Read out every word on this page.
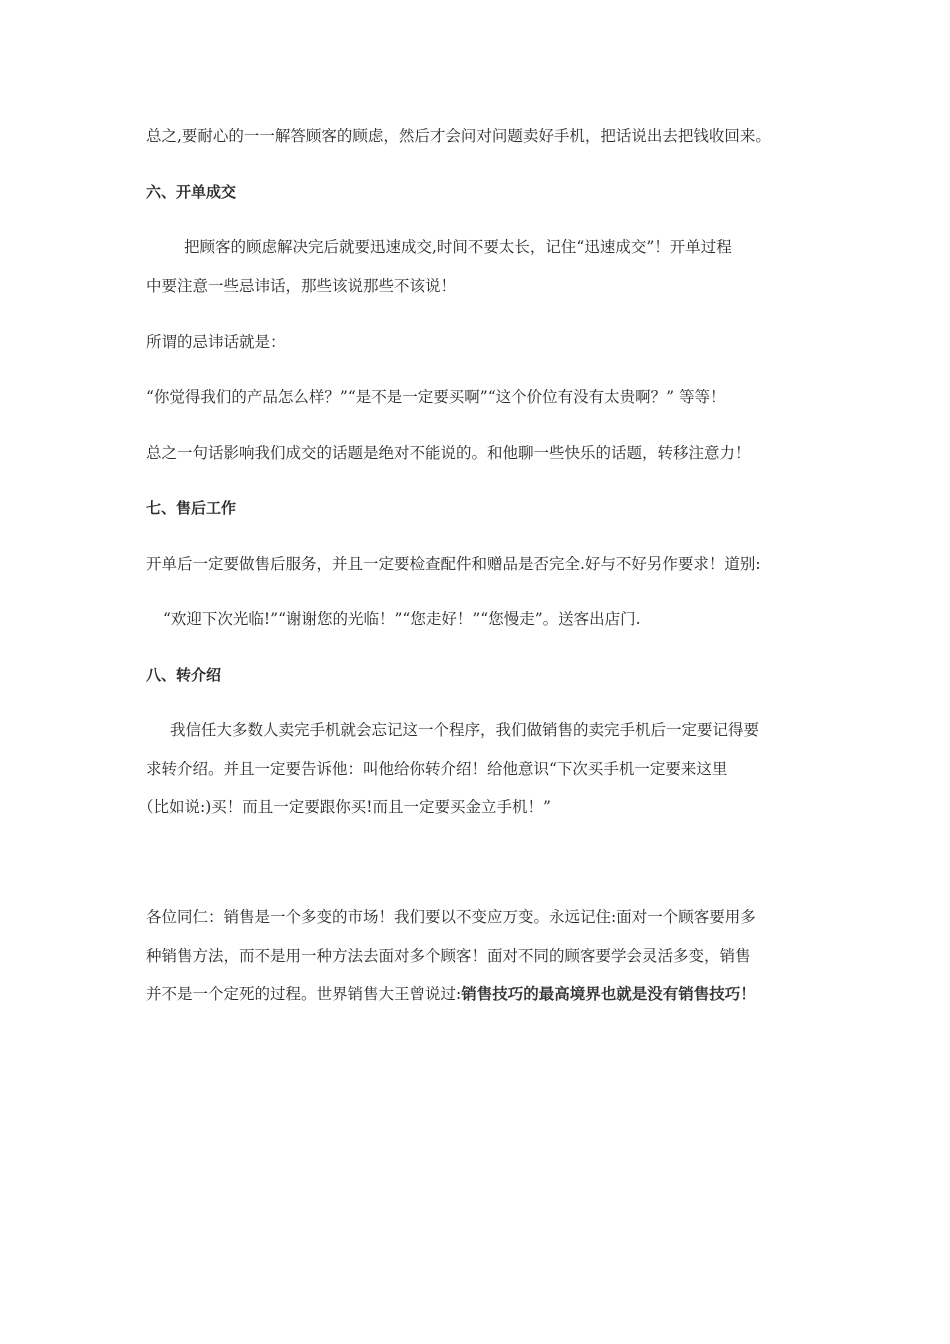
总之,要耐心的一一解答顾客的顾虑，然后才会问对问题卖好手机，把话说出去把钱收回来。

六、开单成交

把顾客的顾虑解决完后就要迅速成交,时间不要太长，记住“迅速成交”！开单过程

中要注意一些忌讳话，那些该说那些不该说！

所谓的忌讳话就是：

“你觉得我们的产品怎么样？”“是不是一定要买啊”“这个价位有没有太贵啊？” 等等！

总之一句话影响我们成交的话题是绝对不能说的。和他聊一些快乐的话题，转移注意力！

七、售后工作

开单后一定要做售后服务，并且一定要检查配件和赠品是否完全.好与不好另作要求！道别:

“欢迎下次光临!”“谢谢您的光临！”“您走好！”“您慢走”。送客出店门.

八、转介绍

我信任大多数人卖完手机就会忘记这一个程序，我们做销售的卖完手机后一定要记得要

求转介绍。并且一定要告诉他：叫他给你转介绍！给他意识“下次买手机一定要来这里

（比如说:)买！而且一定要跟你买!而且一定要买金立手机！”

各位同仁：销售是一个多变的市场！我们要以不变应万变。永远记住:面对一个顾客要用多

种销售方法，而不是用一种方法去面对多个顾客！面对不同的顾客要学会灵活多变，销售

并不是一个定死的过程。世界销售大王曾说过:销售技巧的最高境界也就是没有销售技巧！
